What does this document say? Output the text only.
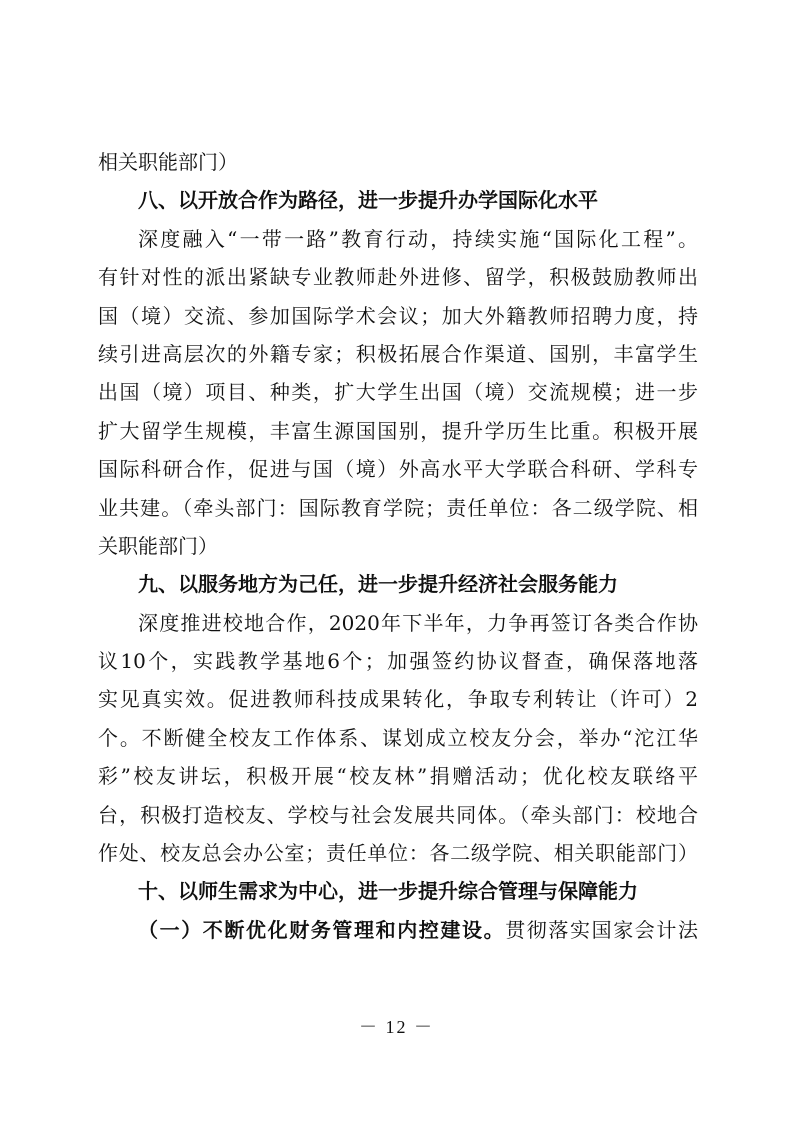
相关职能部门）
八、以开放合作为路径，进一步提升办学国际化水平
深度融入“一带一路”教育行动，持续实施“国际化工程”。
有针对性的派出紧缺专业教师赴外进修、留学，积极鼓励教师出
国（境）交流、参加国际学术会议；加大外籍教师招聘力度，持
续引进高层次的外籍专家；积极拓展合作渠道、国别，丰富学生
出国（境）项目、种类，扩大学生出国（境）交流规模；进一步
扩大留学生规模，丰富生源国国别，提升学历生比重。积极开展
国际科研合作，促进与国（境）外高水平大学联合科研、学科专
业共建。（牵头部门：国际教育学院；责任单位：各二级学院、相
关职能部门）
九、以服务地方为己任，进一步提升经济社会服务能力
深度推进校地合作，2020年下半年，力争再签订各类合作协
议10个，实践教学基地6个；加强签约协议督查，确保落地落
实见真实效。促进教师科技成果转化，争取专利转让（许可）2
个。不断健全校友工作体系、谋划成立校友分会，举办“沱江华
彩”校友讲坛，积极开展“校友林”捐赠活动；优化校友联络平
台，积极打造校友、学校与社会发展共同体。（牵头部门：校地合
作处、校友总会办公室；责任单位：各二级学院、相关职能部门）
十、以师生需求为中心，进一步提升综合管理与保障能力
（一）不断优化财务管理和内控建设。贯彻落实国家会计法
－ 12 －
